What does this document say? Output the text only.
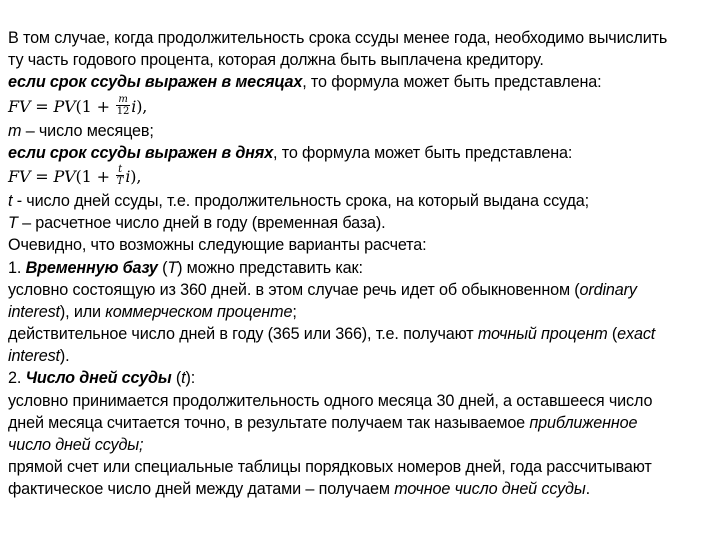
В том случае, когда продолжительность срока ссуды менее года, необходимо вычислить
ту часть годового процента, которая должна быть выплачена кредитору.
если срок ссуды выражен в месяцах, то формула может быть представлена:
FV = $PV(1 + \frac{m}{12} i)$,
m – число месяцев;
если срок ссуды выражен в днях, то формула может быть представлена:
FV = $PV(1 + \frac{t}{T} i)$,
t - число дней ссуды, т.е. продолжительность срока, на который выдана ссуда;
T – расчетное число дней в году (временная база).
Очевидно, что возможны следующие варианты расчета:
1. Временную базу (T) можно представить как:
условно состоящую из 360 дней. в этом случае речь идет об обыкновенном (ordinary
interest), или коммерческом проценте;
действительное число дней в году (365 или 366), т.е. получают точный процент (exact
interest).
2. Число дней ссуды (t):
условно принимается продолжительность одного месяца 30 дней, а оставшееся число
дней месяца считается точно, в результате получаем так называемое приближенное
число дней ссуды;
прямой счет или специальные таблицы порядковых номеров дней, года рассчитывают
фактическое число дней между датами – получаем точное число дней ссуды.
